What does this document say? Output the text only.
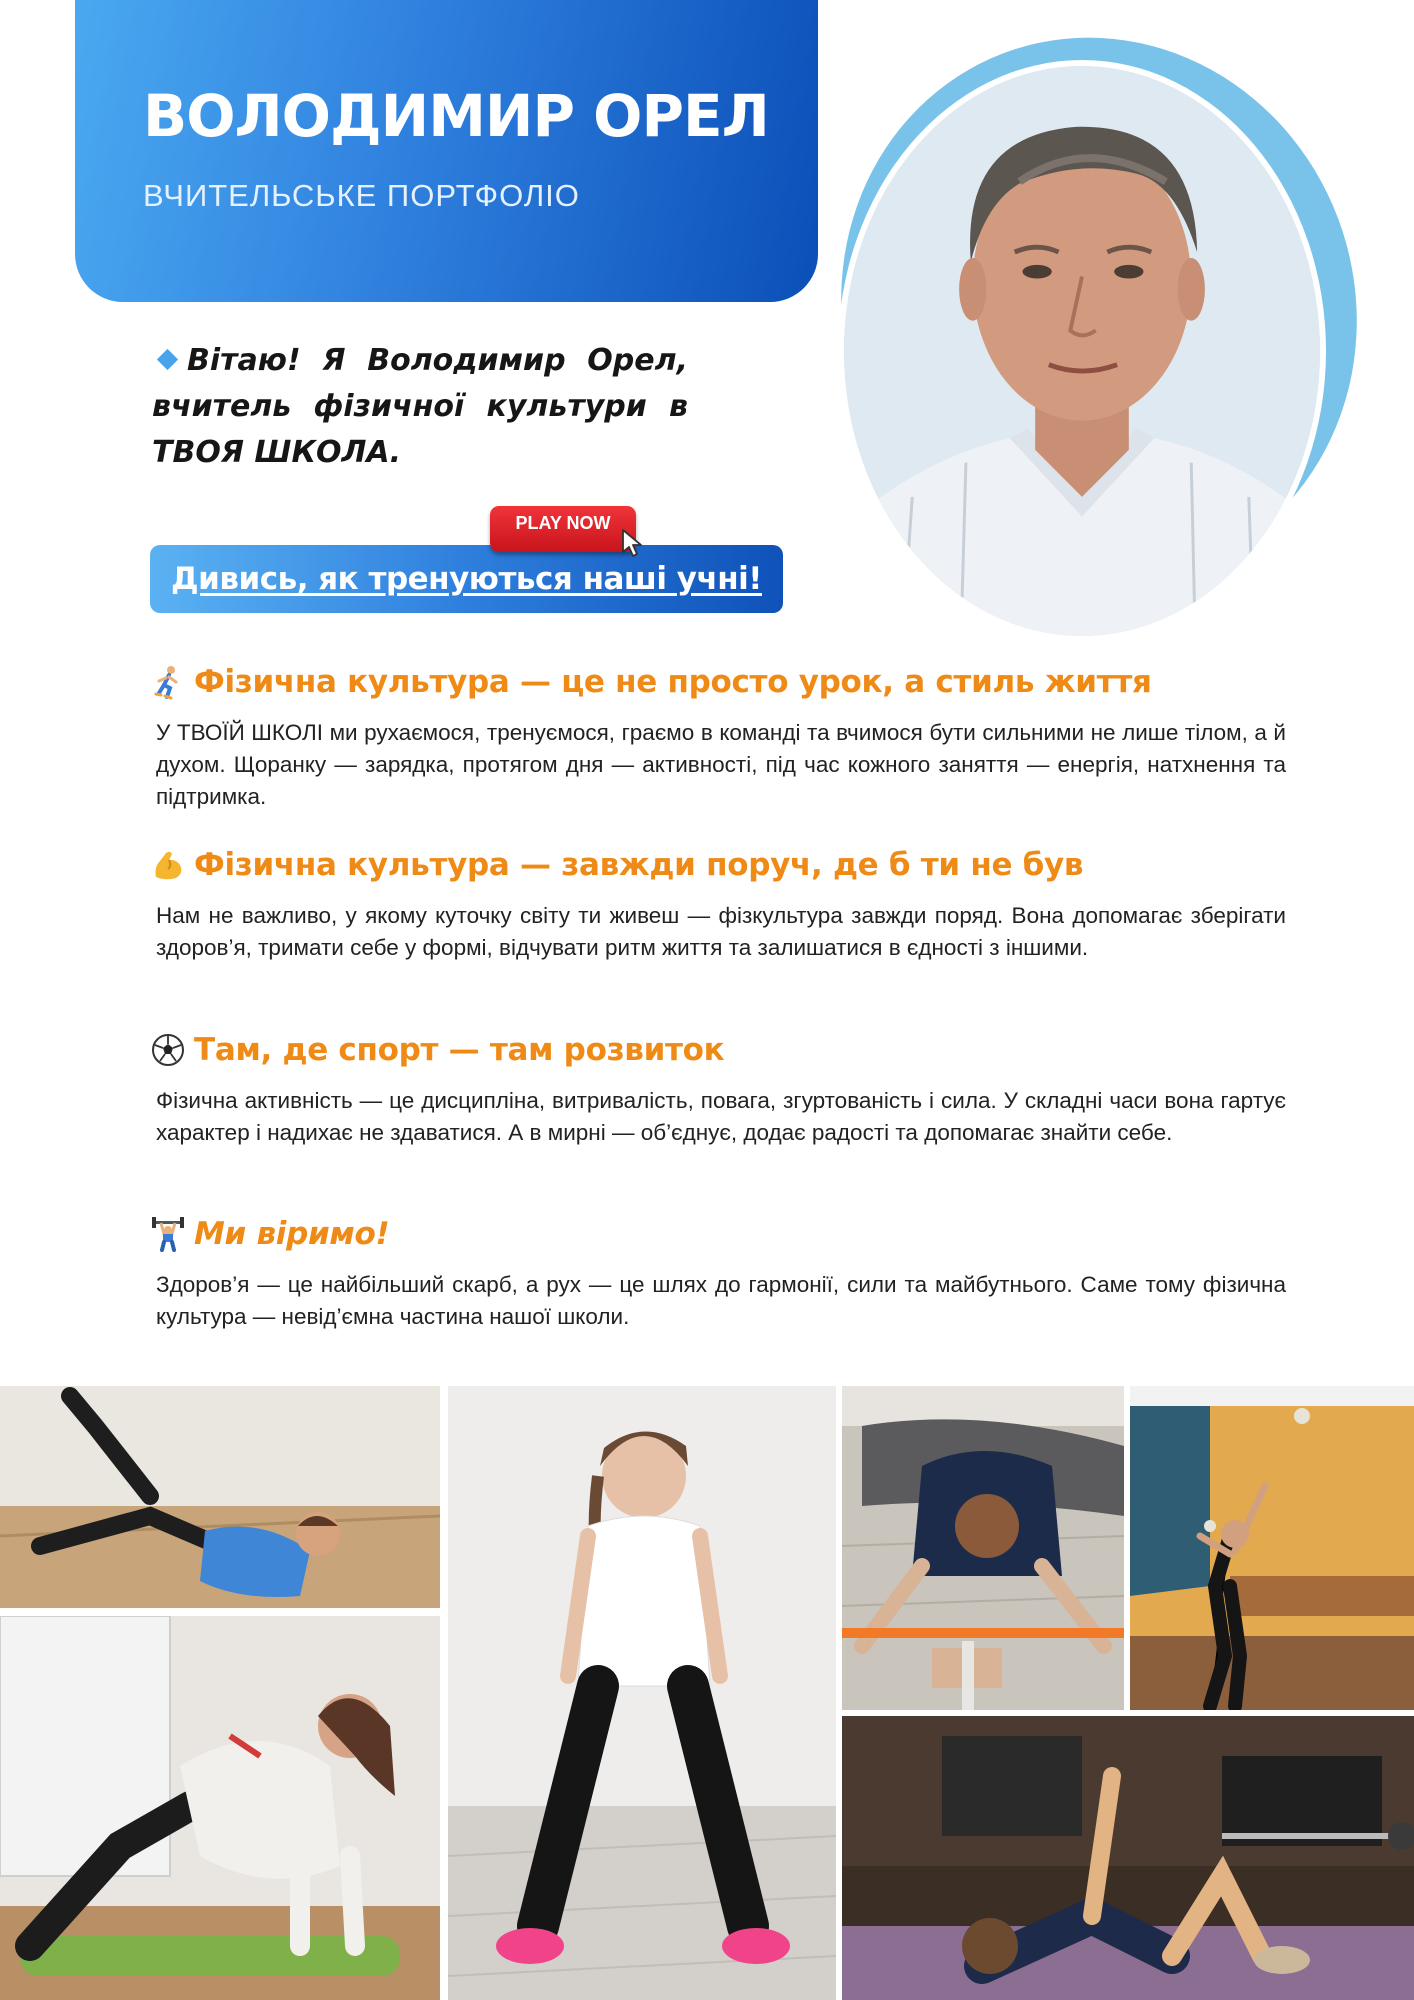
ВОЛОДИМИР ОРЕЛ
ВЧИТЕЛЬСЬКЕ ПОРТФОЛІО
Вітаю! Я Володимир Орел, вчитель фізичної культури в ТВОЯ ШКОЛА.
PLAY NOW
Дивись, як тренуються наші учні!
Фізична культура — це не просто урок, а стиль життя

У ТВОЇЙ ШКОЛІ ми рухаємося, тренуємося, граємо в команді та вчимося бути сильними не лише тілом, а й духом. Щоранку — зарядка, протягом дня — активності, під час кожного заняття — енергія, натхнення та підтримка.

Фізична культура — завжди поруч, де б ти не був

Нам не важливо, у якому куточку світу ти живеш — фізкультура завжди поряд. Вона допомагає зберігати здоров’я, тримати себе у формі, відчувати ритм життя та залишатися в єдності з іншими.

Там, де спорт — там розвиток

Фізична активність — це дисципліна, витривалість, повага, згуртованість і сила. У складні часи вона гартує характер і надихає не здаватися. А в мирні — об’єднує, додає радості та допомагає знайти себе.

Ми віримо!

Здоров’я — це найбільший скарб, а рух — це шлях до гармонії, сили та майбутнього. Саме тому фізична культура — невід’ємна частина нашої школи.
